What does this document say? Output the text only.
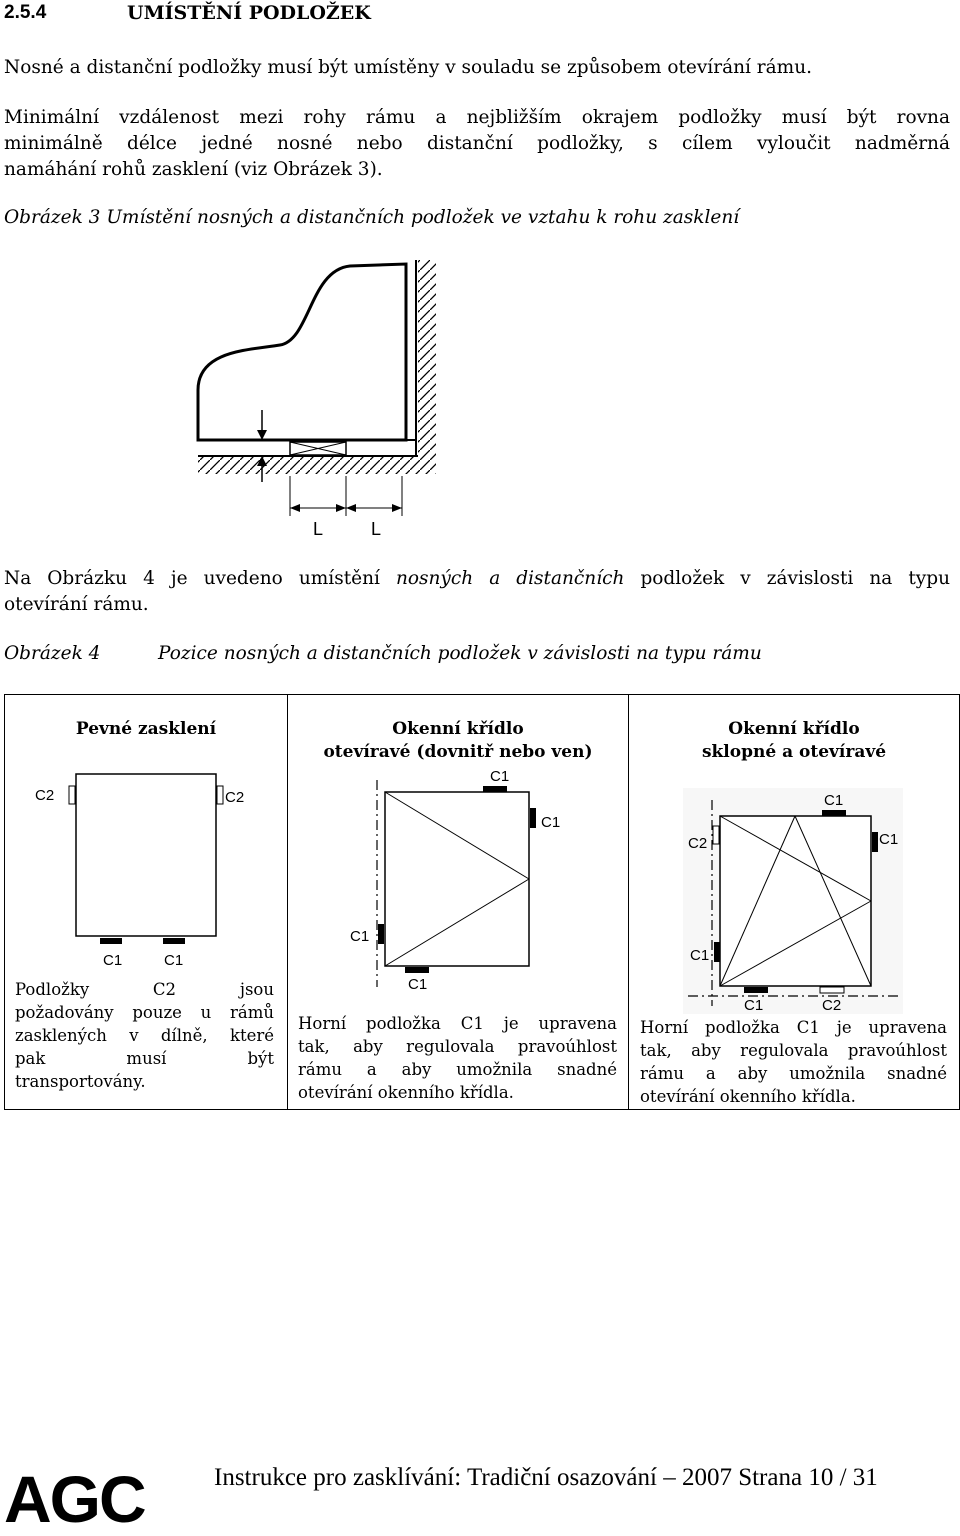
2.5.4	UMÍSTĚNÍ PODLOŽEK
Nosné a distanční podložky musí být umístěny v souladu se způsobem otevírání rámu.
Minimální vzdálenost mezi rohy rámu a nejbližším okrajem podložky musí být rovna
minimálně délce jedné nosné nebo distanční podložky, s cílem vyloučit nadměrná
namáhání rohů zasklení (viz Obrázek 3).
Obrázek 3 Umístění nosných a distančních podložek ve vztahu k rohu zasklení
L	L
Na Obrázku 4 je uvedeno umístění nosných a distančních podložek v závislosti na typu
otevírání rámu.
Obrázek 4	Pozice nosných a distančních podložek v závislosti na typu rámu
Pevné zasklení
C2	C2
C1	C1
Podložky C2 jsou
požadovány pouze u rámů
zasklených v dílně, které
pak musí být
transportovány.
Okenní křídlo
otevíravé (dovnitř nebo ven)
C1
C1
C1
C1
Horní podložka C1 je upravena
tak, aby regulovala pravoúhlost
rámu a aby umožnila snadné
otevírání okenního křídla.
Okenní křídlo
sklopné a otevíravé
C1
C2	C1
C1
C1	C2
Horní podložka C1 je upravena
tak, aby regulovala pravoúhlost
rámu a aby umožnila snadné
otevírání okenního křídla.
AGC	Instrukce pro zasklívání: Tradiční osazování – 2007 Strana 10 / 31
